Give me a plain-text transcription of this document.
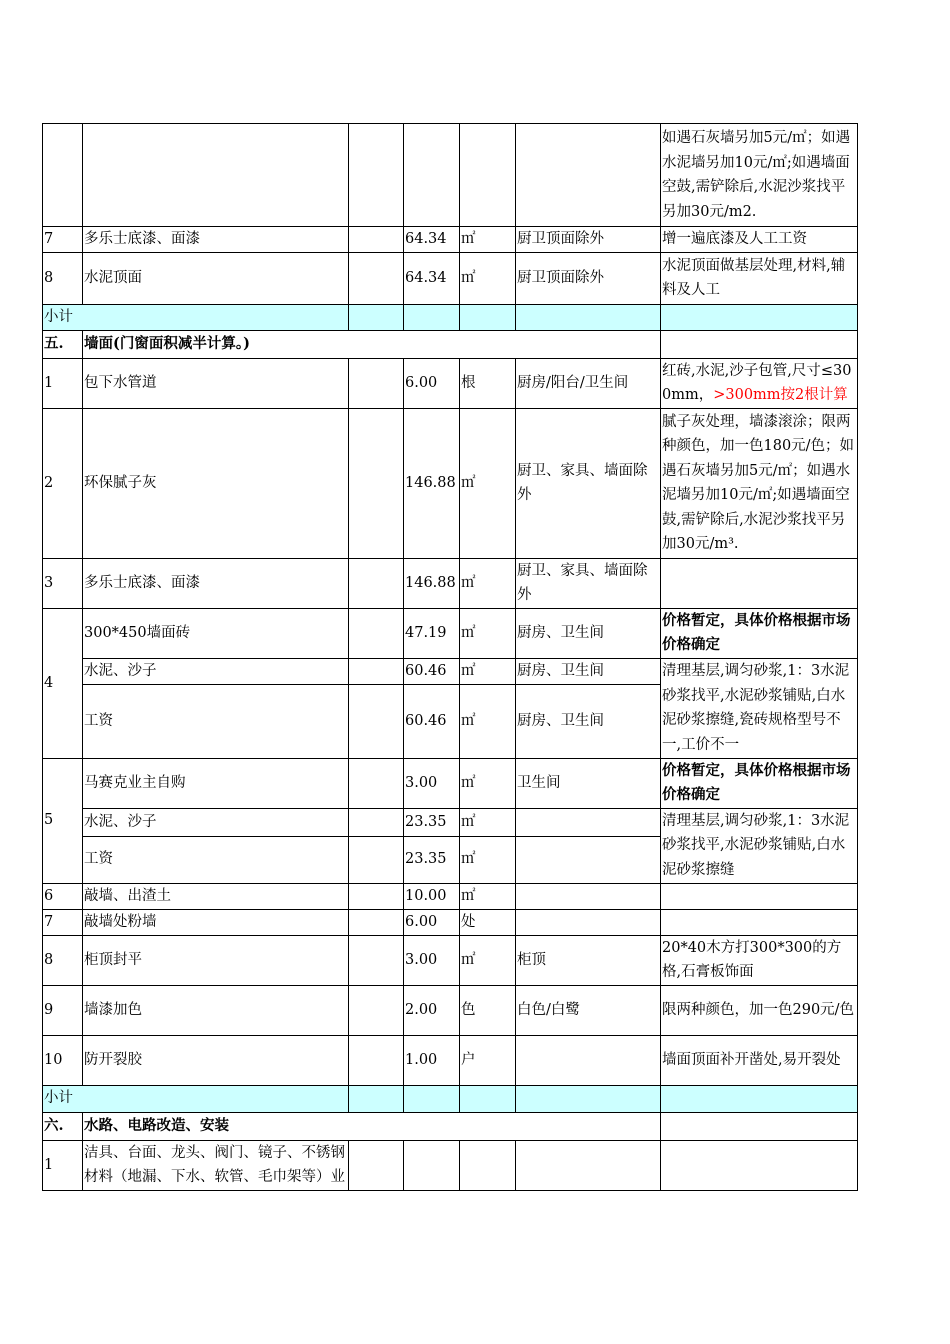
						如遇石灰墙另加5元/㎡；如遇水泥墙另加10元/㎡;如遇墙面空鼓,需铲除后,水泥沙浆找平另加30元/m2.
7	多乐士底漆、面漆		64.34	㎡	厨卫顶面除外	增一遍底漆及人工工资
8	水泥顶面		64.34	㎡	厨卫顶面除外	水泥顶面做基层处理,材料,辅料及人工
小计						
五.	墙面(门窗面积减半计算。)					
1	包下水管道		6.00	根	厨房/阳台/卫生间	红砖,水泥,沙子包管,尺寸≤300mm，>300mm按2根计算
2	环保腻子灰		146.88	㎡	厨卫、家具、墙面除外	腻子灰处理，墙漆滚涂；限两种颜色，加一色180元/色；如遇石灰墙另加5元/㎡；如遇水泥墙另加10元/㎡;如遇墙面空鼓,需铲除后,水泥沙浆找平另加30元/m³.
3	多乐士底漆、面漆		146.88	㎡	厨卫、家具、墙面除外	
4	300*450墙面砖		47.19	㎡	厨房、卫生间	价格暂定，具体价格根据市场价格确定
	水泥、沙子		60.46	㎡	厨房、卫生间	清理基层,调匀砂浆,1：3水泥砂浆找平,水泥砂浆铺贴,白水泥砂浆擦缝,瓷砖规格型号不一,工价不一
	工资		60.46	㎡	厨房、卫生间	
5	马赛克业主自购		3.00	㎡	卫生间	价格暂定，具体价格根据市场价格确定
	水泥、沙子		23.35	㎡		清理基层,调匀砂浆,1：3水泥砂浆找平,水泥砂浆铺贴,白水泥砂浆擦缝
	工资		23.35	㎡		
6	敲墙、出渣土		10.00	㎡		
7	敲墙处粉墙		6.00	处		
8	柜顶封平		3.00	㎡	柜顶	20*40木方打300*300的方格,石膏板饰面
9	墙漆加色		2.00	色	白色/白鹭	限两种颜色，加一色290元/色
10	防开裂胶		1.00	户		墙面顶面补开凿处,易开裂处
小计						
六.	水路、电路改造、安装					
1	洁具、台面、龙头、阀门、镜子、不锈钢材料（地漏、下水、软管、毛巾架等）业					
